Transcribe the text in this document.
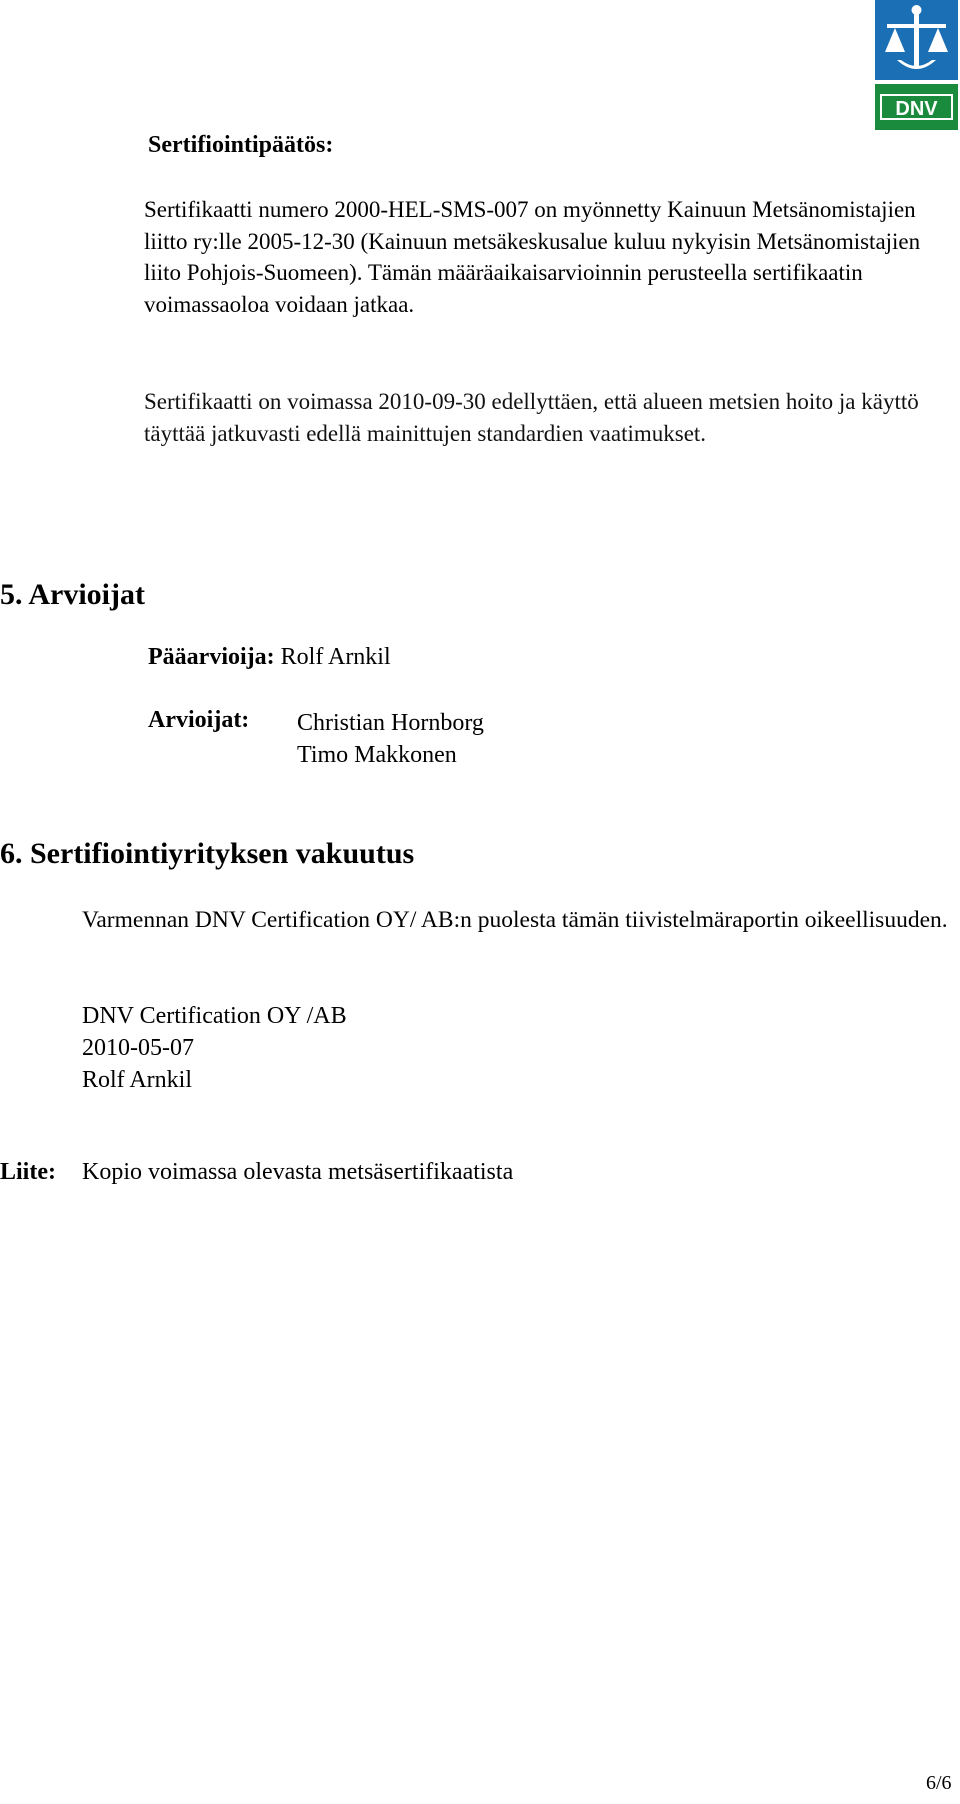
DNV
Sertifiointipäätös:
Sertifikaatti numero 2000-HEL-SMS-007 on myönnetty Kainuun Metsänomistajien liitto ry:lle 2005-12-30 (Kainuun metsäkeskusalue kuluu nykyisin Metsänomistajien liito Pohjois-Suomeen). Tämän määräaikaisarvioinnin perusteella sertifikaatin voimassaoloa voidaan jatkaa.
Sertifikaatti on voimassa 2010-09-30 edellyttäen, että alueen metsien hoito ja käyttö täyttää jatkuvasti edellä mainittujen standardien vaatimukset.
5. Arvioijat
Pääarvioija: Rolf Arnkil
Arvioijat: Christian Hornborg
Timo Makkonen
6. Sertifiointiyrityksen vakuutus
Varmennan DNV Certification OY/ AB:n puolesta tämän tiivistelmäraportin oikeellisuuden.
DNV Certification OY /AB
2010-05-07
Rolf Arnkil
Liite: Kopio voimassa olevasta metsäsertifikaatista
6/6
